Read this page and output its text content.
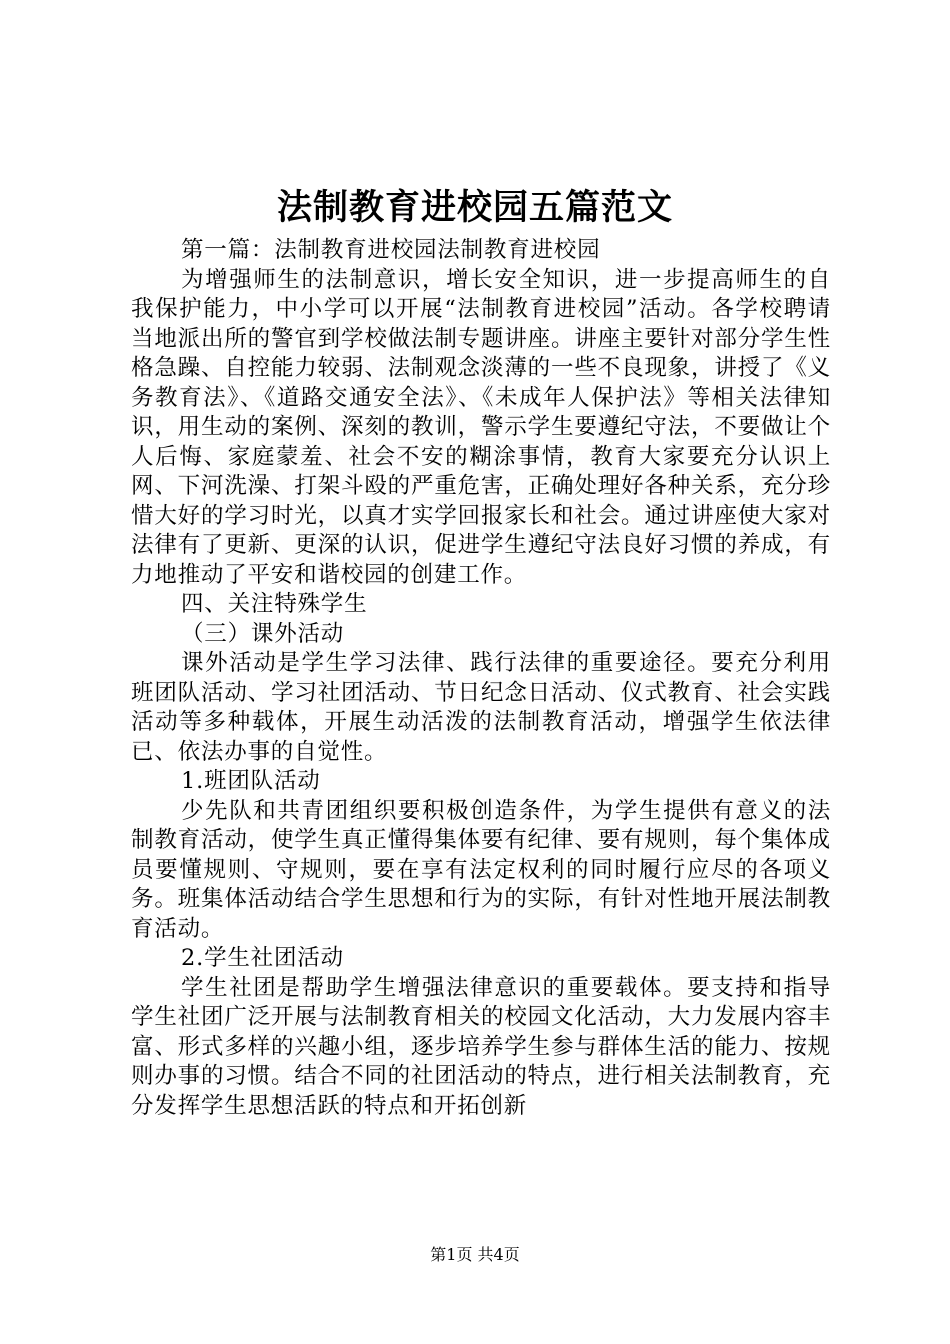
法制教育进校园五篇范文

第一篇：法制教育进校园法制教育进校园

为增强师生的法制意识，增长安全知识，进一步提高师生的自我保护能力，中小学可以开展“法制教育进校园”活动。各学校聘请当地派出所的警官到学校做法制专题讲座。讲座主要针对部分学生性格急躁、自控能力较弱、法制观念淡薄的一些不良现象，讲授了《义务教育法》、《道路交通安全法》、《未成年人保护法》等相关法律知识，用生动的案例、深刻的教训，警示学生要遵纪守法，不要做让个人后悔、家庭蒙羞、社会不安的糊涂事情，教育大家要充分认识上网、下河洗澡、打架斗殴的严重危害，正确处理好各种关系，充分珍惜大好的学习时光，以真才实学回报家长和社会。通过讲座使大家对法律有了更新、更深的认识，促进学生遵纪守法良好习惯的养成，有力地推动了平安和谐校园的创建工作。

四、关注特殊学生

（三）课外活动

课外活动是学生学习法律、践行法律的重要途径。要充分利用班团队活动、学习社团活动、节日纪念日活动、仪式教育、社会实践活动等多种载体，开展生动活泼的法制教育活动，增强学生依法律已、依法办事的自觉性。

1.班团队活动

少先队和共青团组织要积极创造条件，为学生提供有意义的法制教育活动，使学生真正懂得集体要有纪律、要有规则，每个集体成员要懂规则、守规则，要在享有法定权利的同时履行应尽的各项义务。班集体活动结合学生思想和行为的实际，有针对性地开展法制教育活动。

2.学生社团活动

学生社团是帮助学生增强法律意识的重要载体。要支持和指导学生社团广泛开展与法制教育相关的校园文化活动，大力发展内容丰富、形式多样的兴趣小组，逐步培养学生参与群体生活的能力、按规则办事的习惯。结合不同的社团活动的特点，进行相关法制教育，充分发挥学生思想活跃的特点和开拓创新

第1页 共4页
